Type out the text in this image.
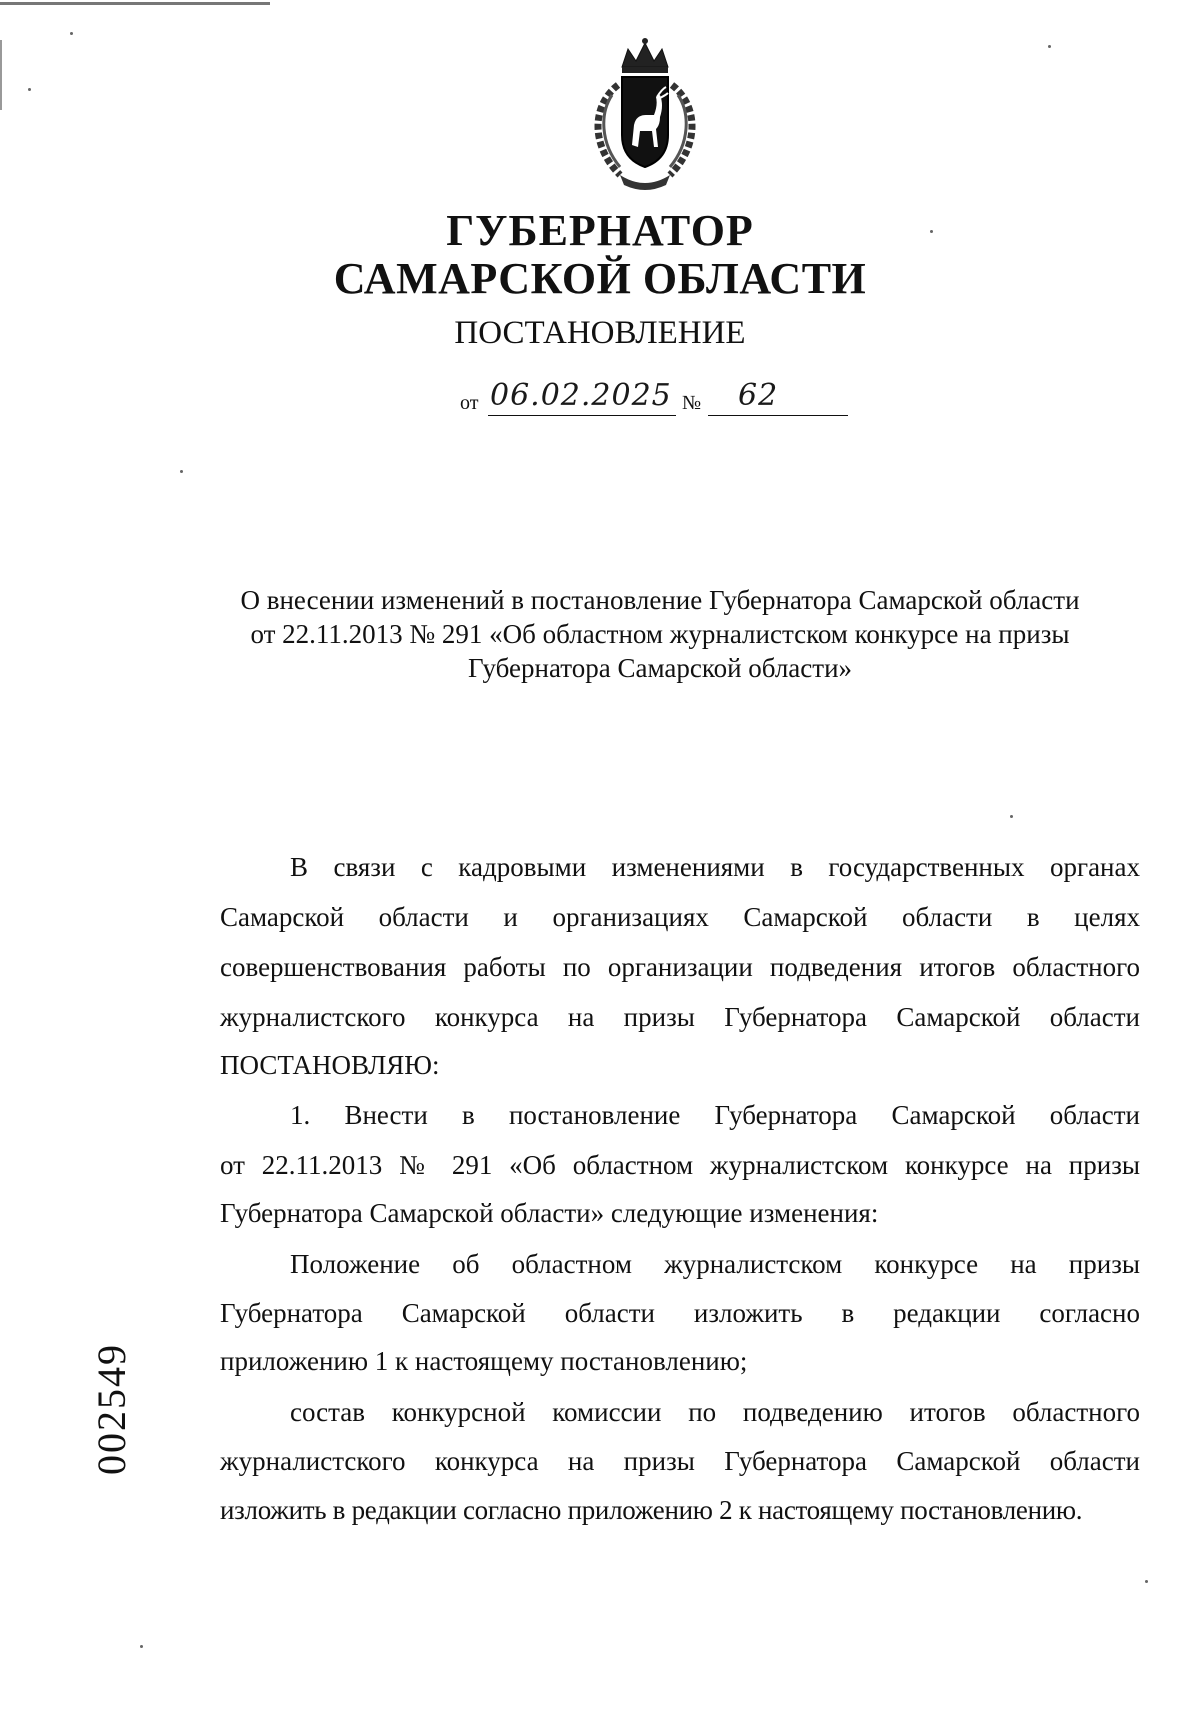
ГУБЕРНАТОР
САМАРСКОЙ ОБЛАСТИ
ПОСТАНОВЛЕНИЕ
от 06.02.2025 № 62
О внесении изменений в постановление Губернатора Самарской области
от 22.11.2013 № 291 «Об областном журналистском конкурсе на призы
Губернатора Самарской области»
В связи с кадровыми изменениями в государственных органах
Самарской области и организациях Самарской области в целях
совершенствования работы по организации подведения итогов областного
журналистского конкурса на призы Губернатора Самарской области
ПОСТАНОВЛЯЮ:
1. Внести в постановление Губернатора Самарской области
от 22.11.2013 № 291 «Об областном журналистском конкурсе на призы
Губернатора Самарской области» следующие изменения:
Положение об областном журналистском конкурсе на призы
Губернатора Самарской области изложить в редакции согласно
приложению 1 к настоящему постановлению;
состав конкурсной комиссии по подведению итогов областного
журналистского конкурса на призы Губернатора Самарской области
изложить в редакции согласно приложению 2 к настоящему постановлению.
002549
